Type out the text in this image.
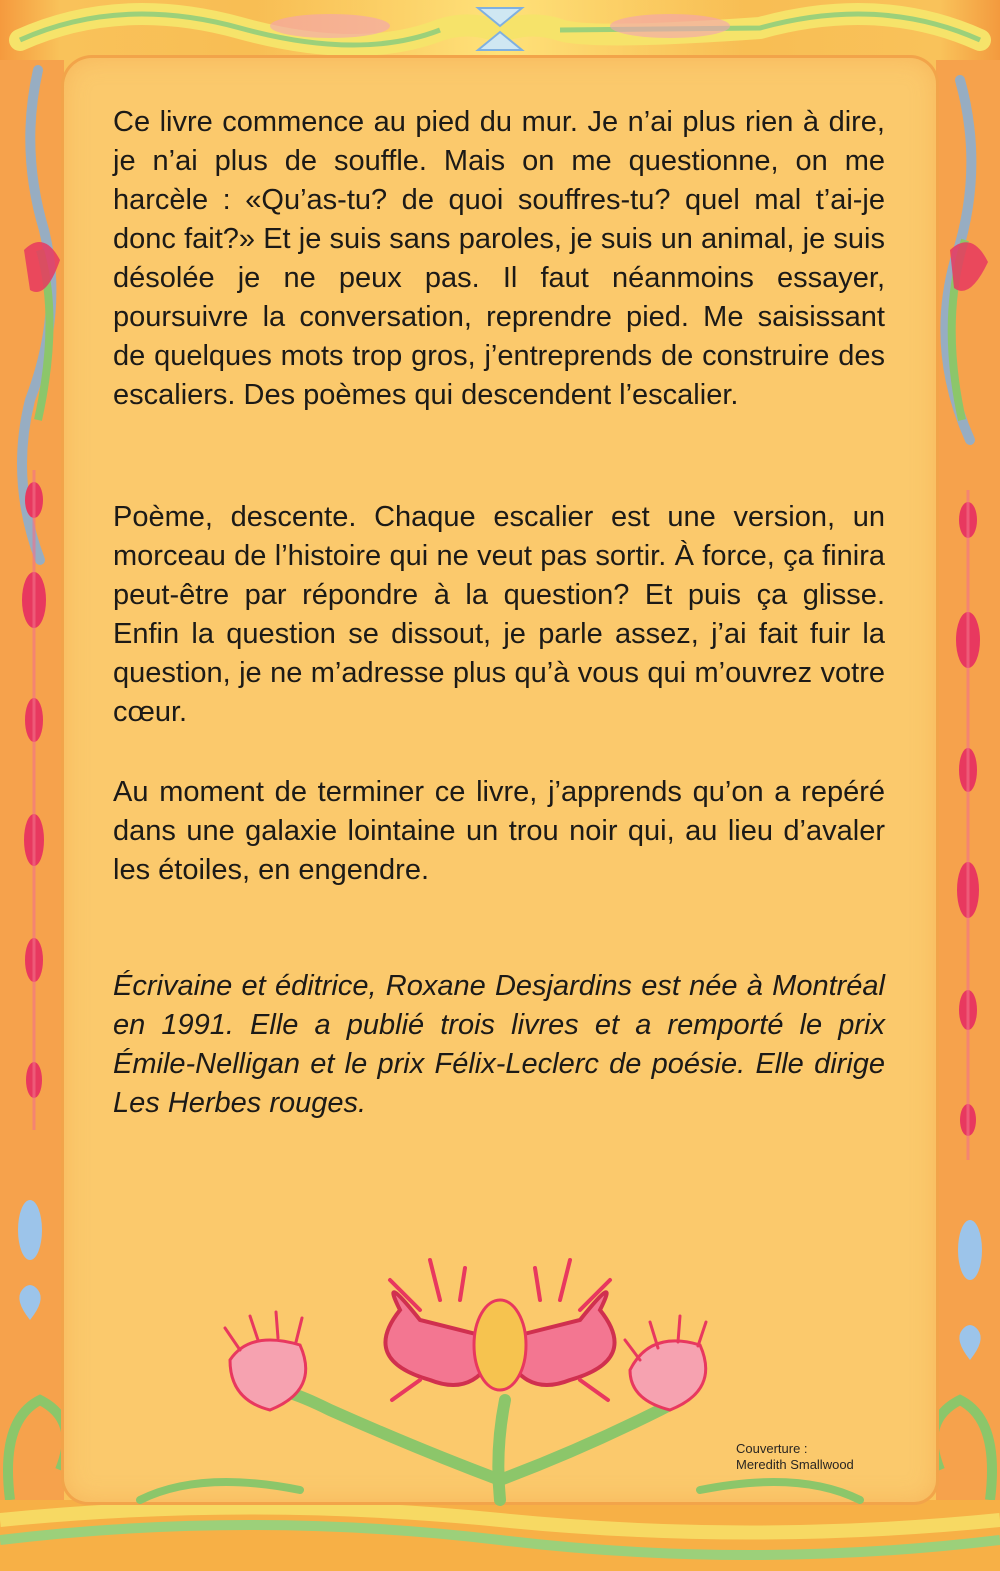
Ce livre commence au pied du mur. Je n’ai plus rien à dire, je n’ai plus de souffle. Mais on me questionne, on me harcèle : «Qu’as-tu? de quoi souffres-tu? quel mal t’ai-je donc fait?» Et je suis sans paroles, je suis un animal, je suis désolée je ne peux pas. Il faut néanmoins essayer, poursuivre la conversation, reprendre pied. Me saisissant de quelques mots trop gros, j’entreprends de construire des escaliers. Des poèmes qui descendent l’escalier.

Poème, descente. Chaque escalier est une version, un morceau de l’histoire qui ne veut pas sortir. À force, ça finira peut-être par répondre à la question? Et puis ça glisse. Enfin la question se dissout, je parle assez, j’ai fait fuir la question, je ne m’adresse plus qu’à vous qui m’ouvrez votre cœur.

Au moment de terminer ce livre, j’apprends qu’on a repéré dans une galaxie lointaine un trou noir qui, au lieu d’avaler les étoiles, en engendre.

Écrivaine et éditrice, Roxane Desjardins est née à Montréal en 1991. Elle a publié trois livres et a remporté le prix Émile-Nelligan et le prix Félix-Leclerc de poésie. Elle dirige Les Herbes rouges.

Couverture :
Meredith Smallwood
